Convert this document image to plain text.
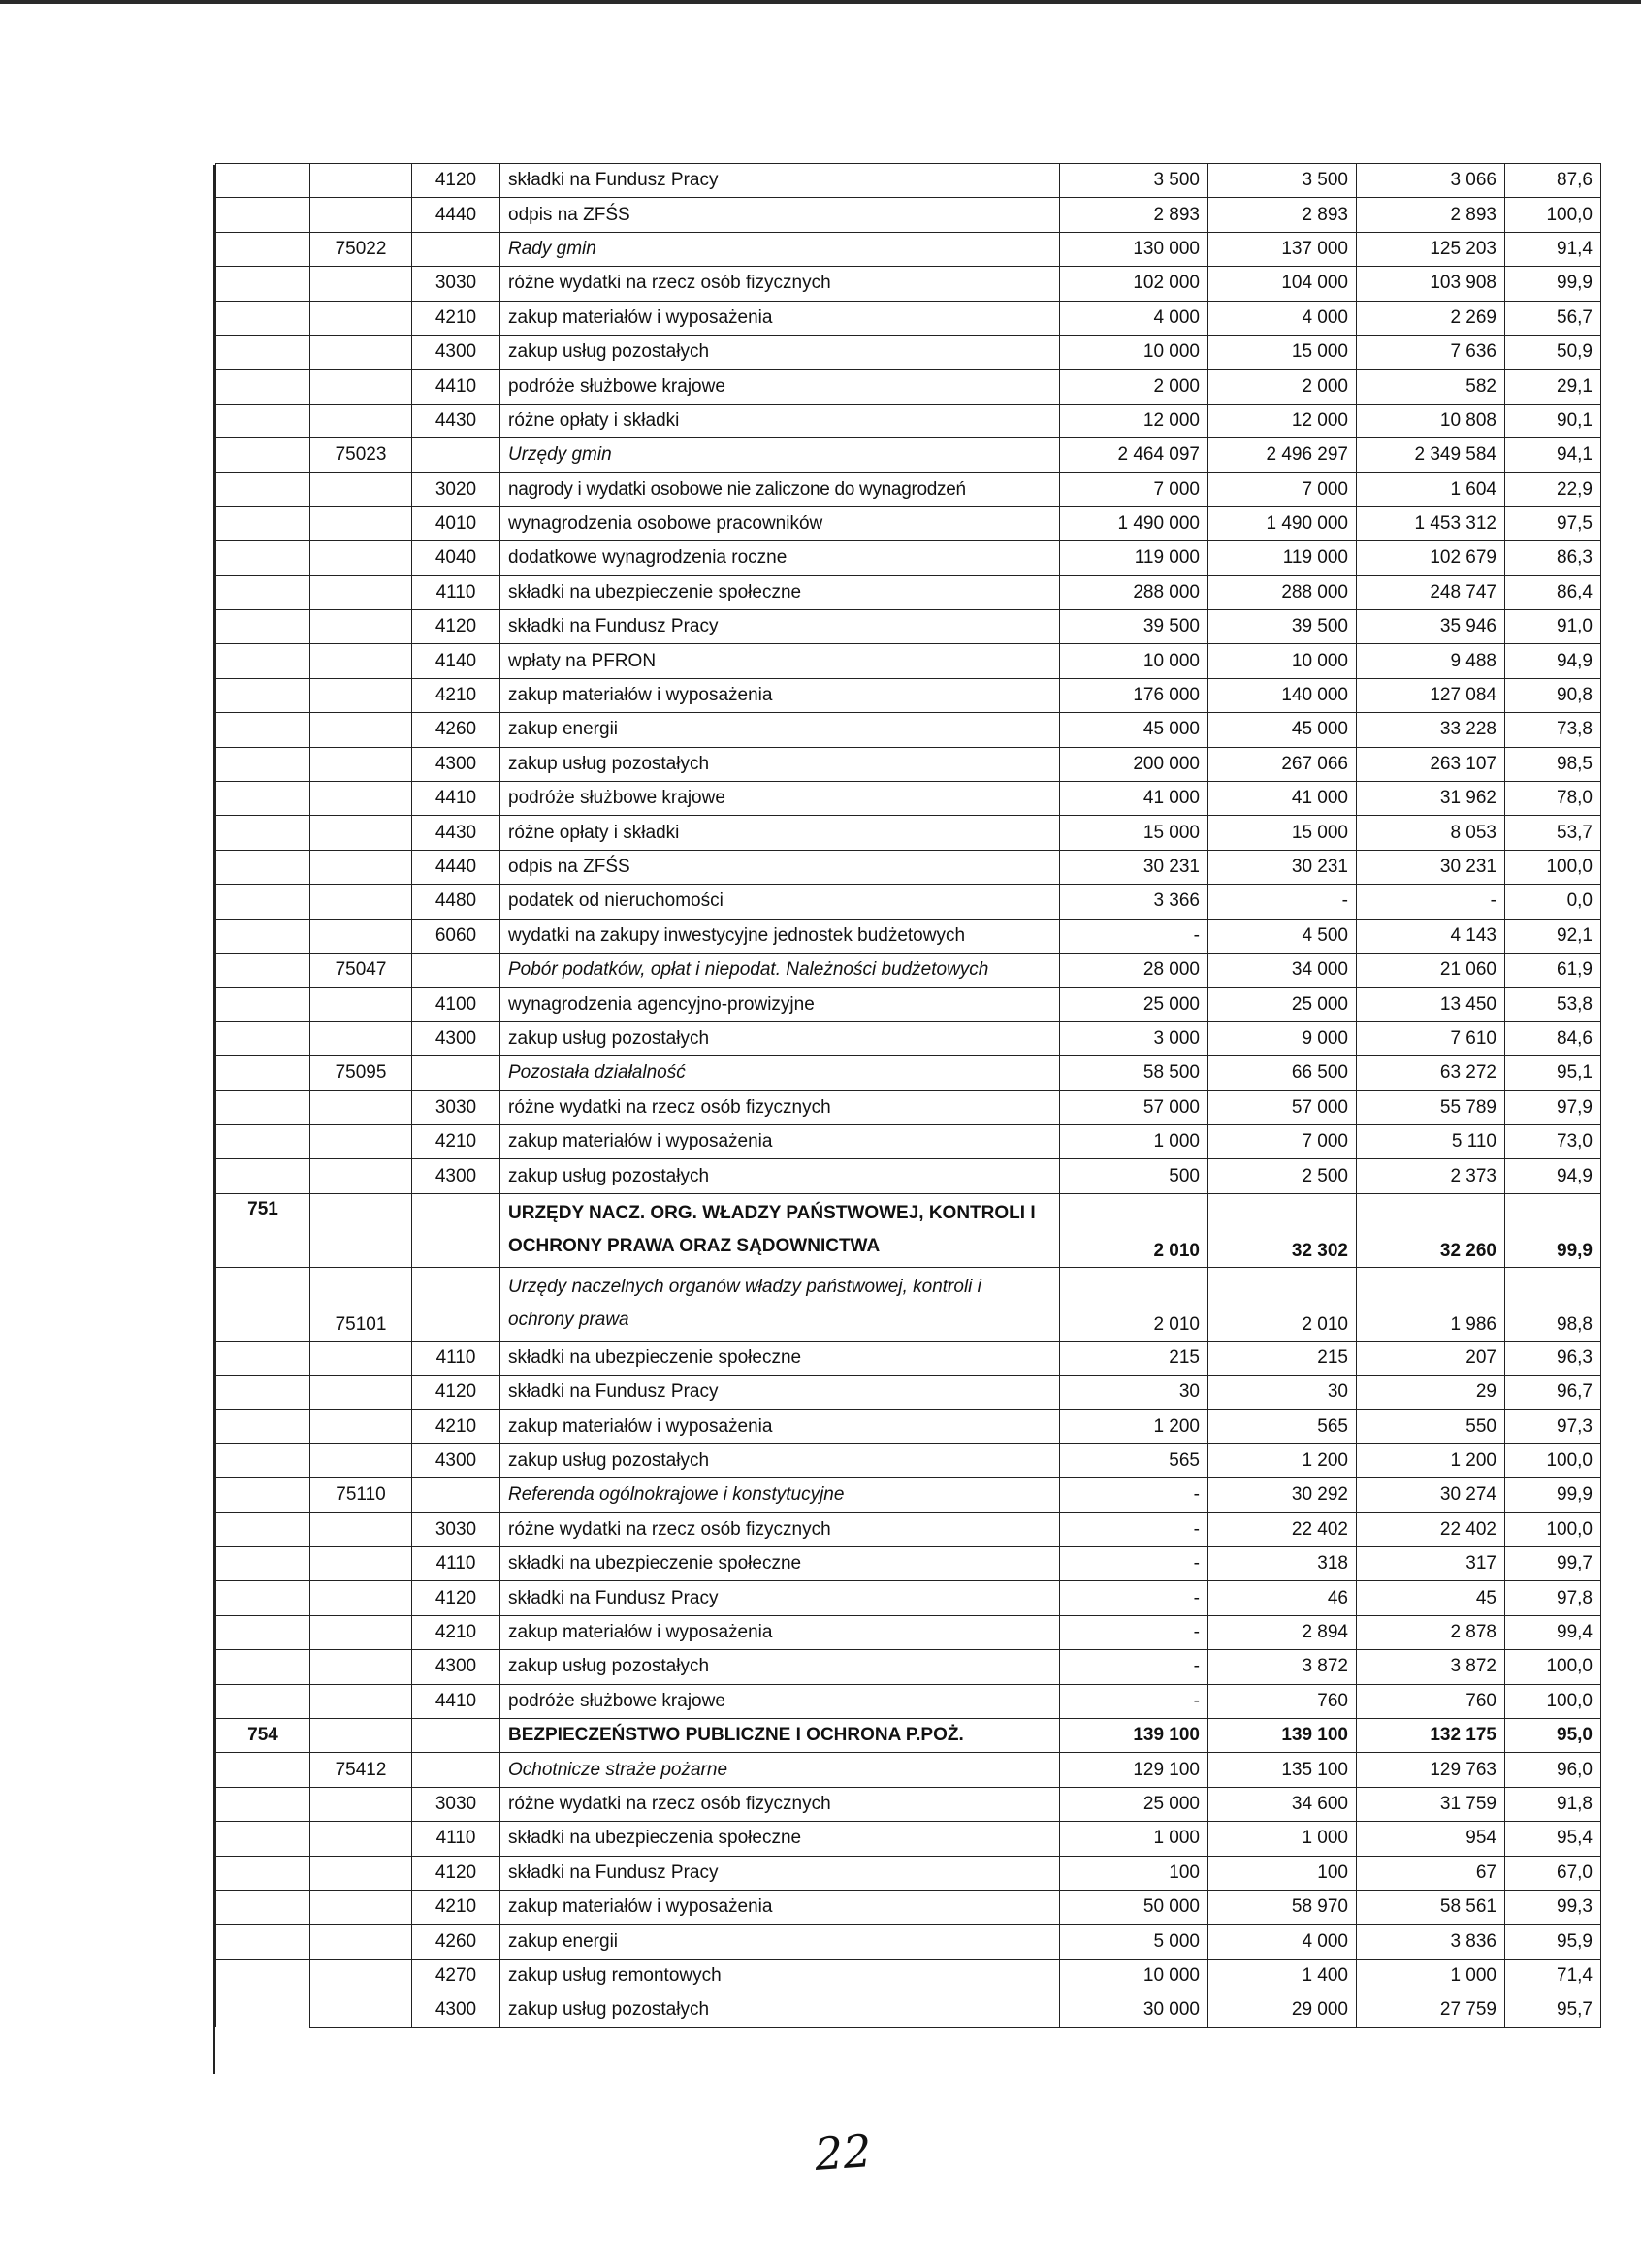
		4120	składki na Fundusz Pracy	3 500	3 500	3 066	87,6
		4440	odpis na ZFŚS	2 893	2 893	2 893	100,0
	75022		Rady gmin	130 000	137 000	125 203	91,4
		3030	różne wydatki na rzecz osób fizycznych	102 000	104 000	103 908	99,9
		4210	zakup materiałów i wyposażenia	4 000	4 000	2 269	56,7
		4300	zakup usług pozostałych	10 000	15 000	7 636	50,9
		4410	podróże służbowe krajowe	2 000	2 000	582	29,1
		4430	różne opłaty i składki	12 000	12 000	10 808	90,1
	75023		Urzędy gmin	2 464 097	2 496 297	2 349 584	94,1
		3020	nagrody i wydatki osobowe nie zaliczone do wynagrodzeń	7 000	7 000	1 604	22,9
		4010	wynagrodzenia osobowe pracowników	1 490 000	1 490 000	1 453 312	97,5
		4040	dodatkowe wynagrodzenia roczne	119 000	119 000	102 679	86,3
		4110	składki na ubezpieczenie społeczne	288 000	288 000	248 747	86,4
		4120	składki na Fundusz Pracy	39 500	39 500	35 946	91,0
		4140	wpłaty na PFRON	10 000	10 000	9 488	94,9
		4210	zakup materiałów i wyposażenia	176 000	140 000	127 084	90,8
		4260	zakup energii	45 000	45 000	33 228	73,8
		4300	zakup usług pozostałych	200 000	267 066	263 107	98,5
		4410	podróże służbowe krajowe	41 000	41 000	31 962	78,0
		4430	różne opłaty i składki	15 000	15 000	8 053	53,7
		4440	odpis na ZFŚS	30 231	30 231	30 231	100,0
		4480	podatek od nieruchomości	3 366	-	-	0,0
		6060	wydatki na zakupy inwestycyjne jednostek budżetowych	-	4 500	4 143	92,1
	75047		Pobór podatków, opłat i niepodat. Należności budżetowych	28 000	34 000	21 060	61,9
		4100	wynagrodzenia agencyjno-prowizyjne	25 000	25 000	13 450	53,8
		4300	zakup usług pozostałych	3 000	9 000	7 610	84,6
	75095		Pozostała działalność	58 500	66 500	63 272	95,1
		3030	różne wydatki na rzecz osób fizycznych	57 000	57 000	55 789	97,9
		4210	zakup materiałów i wyposażenia	1 000	7 000	5 110	73,0
		4300	zakup usług pozostałych	500	2 500	2 373	94,9
751			URZĘDY NACZ. ORG. WŁADZY PAŃSTWOWEJ, KONTROLI I OCHRONY PRAWA ORAZ SĄDOWNICTWA	2 010	32 302	32 260	99,9
	75101		Urzędy naczelnych organów władzy państwowej, kontroli i ochrony prawa	2 010	2 010	1 986	98,8
		4110	składki na ubezpieczenie społeczne	215	215	207	96,3
		4120	składki na Fundusz Pracy	30	30	29	96,7
		4210	zakup materiałów i wyposażenia	1 200	565	550	97,3
		4300	zakup usług pozostałych	565	1 200	1 200	100,0
	75110		Referenda ogólnokrajowe i konstytucyjne	-	30 292	30 274	99,9
		3030	różne wydatki na rzecz osób fizycznych	-	22 402	22 402	100,0
		4110	składki na ubezpieczenie społeczne	-	318	317	99,7
		4120	składki na Fundusz Pracy	-	46	45	97,8
		4210	zakup materiałów i wyposażenia	-	2 894	2 878	99,4
		4300	zakup usług pozostałych	-	3 872	3 872	100,0
		4410	podróże służbowe krajowe	-	760	760	100,0
754			BEZPIECZEŃSTWO PUBLICZNE I OCHRONA P.POŻ.	139 100	139 100	132 175	95,0
	75412		Ochotnicze straże pożarne	129 100	135 100	129 763	96,0
		3030	różne wydatki na rzecz osób fizycznych	25 000	34 600	31 759	91,8
		4110	składki na ubezpieczenia społeczne	1 000	1 000	954	95,4
		4120	składki na Fundusz Pracy	100	100	67	67,0
		4210	zakup materiałów i wyposażenia	50 000	58 970	58 561	99,3
		4260	zakup energii	5 000	4 000	3 836	95,9
		4270	zakup usług remontowych	10 000	1 400	1 000	71,4
		4300	zakup usług pozostałych	30 000	29 000	27 759	95,7
22
